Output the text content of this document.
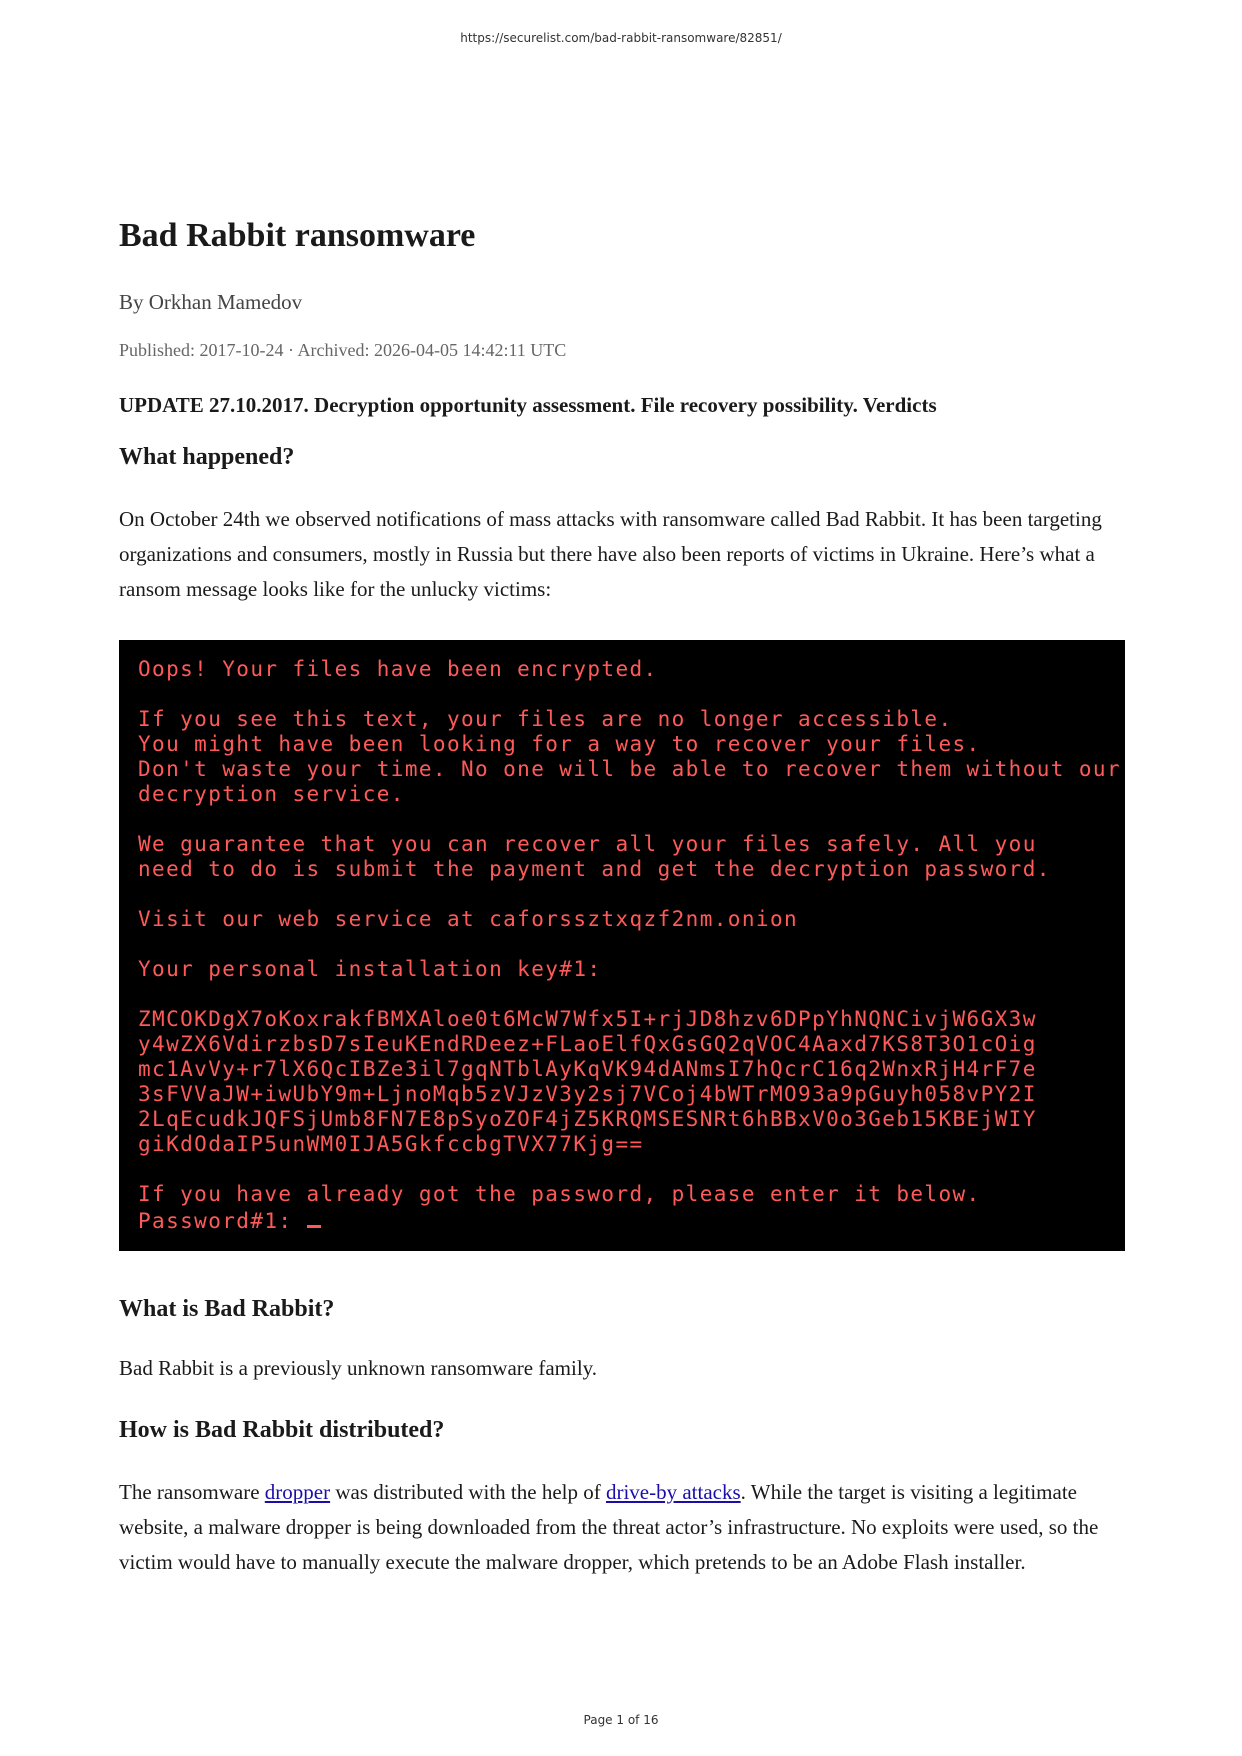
https://securelist.com/bad-rabbit-ransomware/82851/
Bad Rabbit ransomware

By Orkhan Mamedov

Published: 2017-10-24 · Archived: 2026-04-05 14:42:11 UTC

UPDATE 27.10.2017. Decryption opportunity assessment. File recovery possibility. Verdicts

What happened?

On October 24th we observed notifications of mass attacks with ransomware called Bad Rabbit. It has been targeting organizations and consumers, mostly in Russia but there have also been reports of victims in Ukraine. Here’s what a ransom message looks like for the unlucky victims:

Oops! Your files have been encrypted.
If you see this text, your files are no longer accessible.
You might have been looking for a way to recover your files.
Don't waste your time. No one will be able to recover them without our
decryption service.
We guarantee that you can recover all your files safely. All you
need to do is submit the payment and get the decryption password.
Visit our web service at caforssztxqzf2nm.onion
Your personal installation key#1:
ZMCOKDgX7oKoxrakfBMXAloe0t6McW7Wfx5I+rjJD8hzv6DPpYhNQNCivjW6GX3w
y4wZX6VdirzbsD7sIeuKEndRDeez+FLaoElfQxGsGQ2qVOC4Aaxd7KS8T3O1cOig
mc1AvVy+r7lX6QcIBZe3il7gqNTblAyKqVK94dANmsI7hQcrC16q2WnxRjH4rF7e
3sFVVaJW+iwUbY9m+LjnoMqb5zVJzV3y2sj7VCoj4bWTrMO93a9pGuyh058vPY2I
2LqEcudkJQFSjUmb8FN7E8pSyoZOF4jZ5KRQMSESNRt6hBBxV0o3Geb15KBEjWIY
giKdOdaIP5unWM0IJA5GkfccbgTVX77Kjg==
If you have already got the password, please enter it below.
Password#1:
What is Bad Rabbit?

Bad Rabbit is a previously unknown ransomware family.

How is Bad Rabbit distributed?

The ransomware dropper was distributed with the help of drive-by attacks. While the target is visiting a legitimate website, a malware dropper is being downloaded from the threat actor’s infrastructure. No exploits were used, so the victim would have to manually execute the malware dropper, which pretends to be an Adobe Flash installer.

Page 1 of 16
